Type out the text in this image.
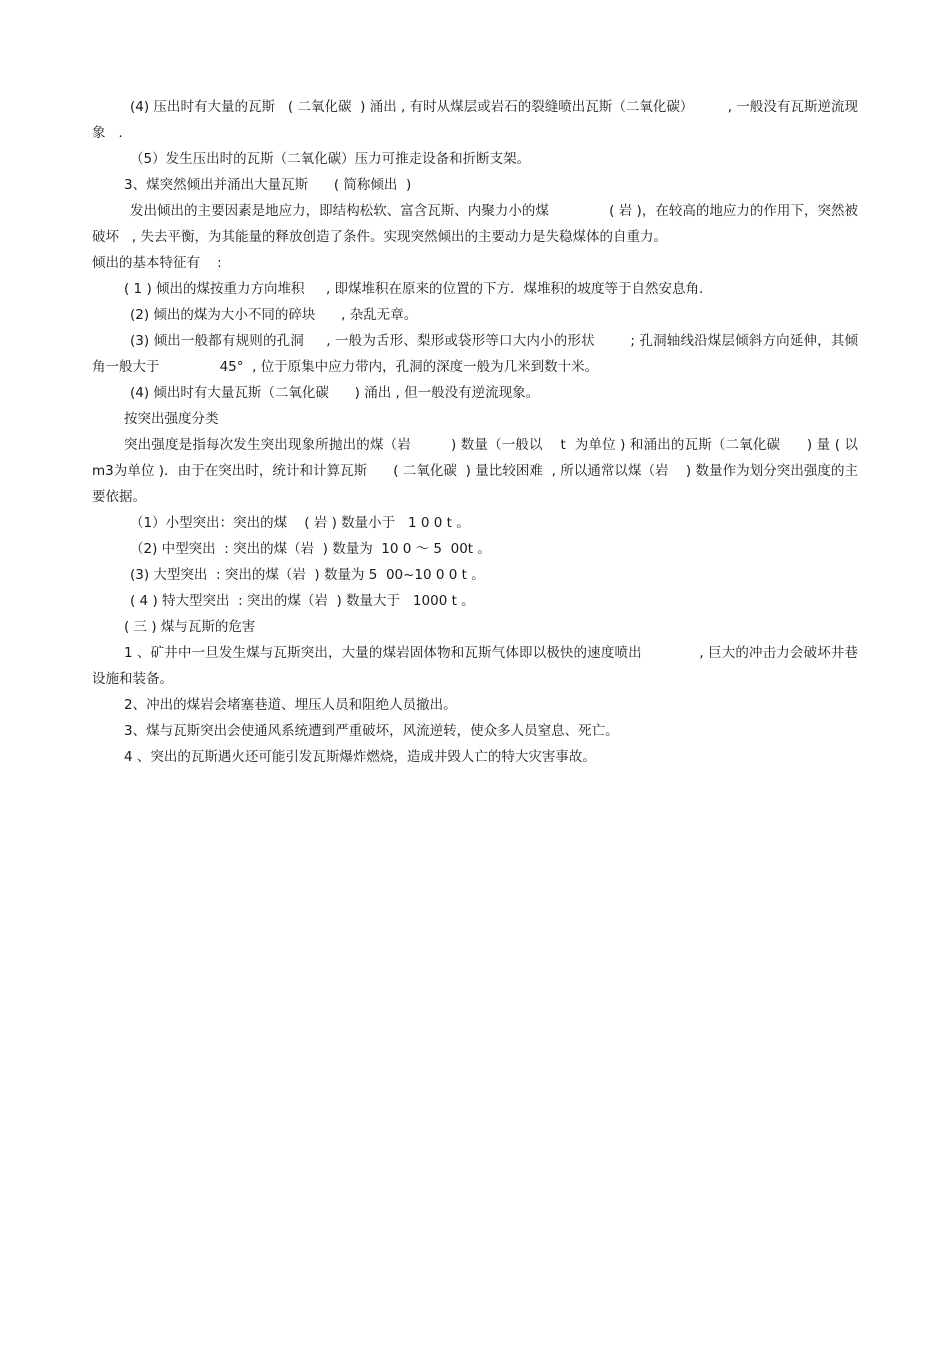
(4) 压出时有大量的瓦斯   ( 二氧化碳  ) 涌出 , 有时从煤层或岩石的裂缝喷出瓦斯（二氧化碳）        , 一般没有瓦斯逆流现象   .

（5）发生压出时的瓦斯（二氧化碳）压力可推走设备和折断支架。

3、煤突然倾出并涌出大量瓦斯      ( 简称倾出  )

发出倾出的主要因素是地应力，即结构松软、富含瓦斯、内聚力小的煤              ( 岩 )，在较高的地应力的作用下，突然被破坏   , 失去平衡，为其能量的释放创造了条件。实现突然倾出的主要动力是失稳煤体的自重力。

倾出的基本特征有    :

( 1 ) 倾出的煤按重力方向堆积     , 即煤堆积在原来的位置的下方．煤堆积的坡度等于自然安息角.

(2) 倾出的煤为大小不同的碎块      , 杂乱无章。

(3) 倾出一般都有规则的孔洞     , 一般为舌形、梨形或袋形等口大内小的形状        ; 孔洞轴线沿煤层倾斜方向延伸，其倾角一般大于              45°  , 位于原集中应力带内，孔洞的深度一般为几米到数十米。

(4) 倾出时有大量瓦斯（二氧化碳      ) 涌出 , 但一般没有逆流现象。

按突出强度分类

突出强度是指每次发生突出现象所抛出的煤（岩         ) 数量（一般以    t  为单位 ) 和涌出的瓦斯（二氧化碳      ) 量 ( 以  m3为单位 )．由于在突出时，统计和计算瓦斯      ( 二氧化碳  ) 量比较困难  , 所以通常以煤（岩    ) 数量作为划分突出强度的主要依据。

（1）小型突出：突出的煤    ( 岩 ) 数量小于   1 0 0 t 。

（2) 中型突出  : 突出的煤（岩  ) 数量为  10 0 ～ 5  00t 。

(3) 大型突出  : 突出的煤（岩  ) 数量为 5  00~10 0 0 t 。

( 4 ) 特大型突出  : 突出的煤（岩  ) 数量大于   1000 t 。

( 三 ) 煤与瓦斯的危害

1 、矿井中一旦发生煤与瓦斯突出，大量的煤岩固体物和瓦斯气体即以极快的速度喷出             , 巨大的冲击力会破坏井巷设施和装备。

2、冲出的煤岩会堵塞巷道、埋压人员和阻绝人员撤出。

3、煤与瓦斯突出会使通风系统遭到严重破坏，风流逆转，使众多人员窒息、死亡。

4 、突出的瓦斯遇火还可能引发瓦斯爆炸燃烧，造成井毁人亡的特大灾害事故。
